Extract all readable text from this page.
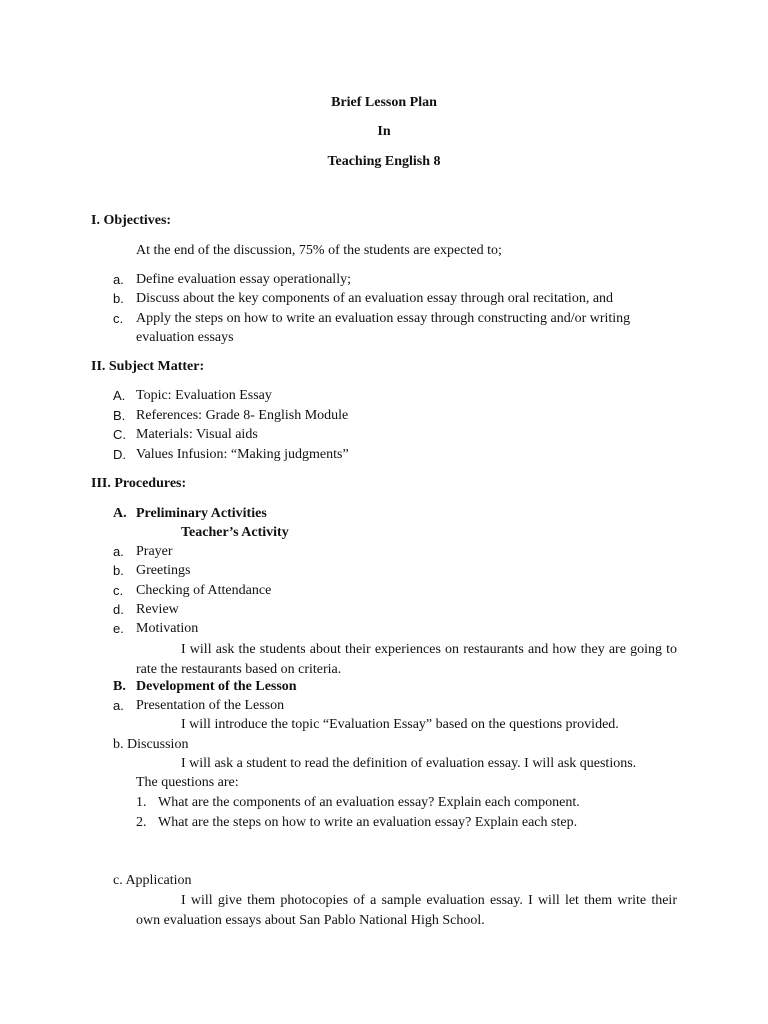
Brief Lesson Plan
In
Teaching English 8
I. Objectives:
At the end of the discussion, 75% of the students are expected to;
a. Define evaluation essay operationally;
b. Discuss about the key components of an evaluation essay through oral recitation, and
c. Apply the steps on how to write an evaluation essay through constructing and/or writing
evaluation essays
II. Subject Matter:
A. Topic: Evaluation Essay
B. References: Grade 8- English Module
C. Materials: Visual aids
D. Values Infusion: “Making judgments”
III. Procedures:
A. Preliminary Activities
Teacher’s Activity
a. Prayer
b. Greetings
c. Checking of Attendance
d. Review
e. Motivation
I will ask the students about their experiences on restaurants and how they are going to rate the restaurants based on criteria.
B. Development of the Lesson
a. Presentation of the Lesson
I will introduce the topic “Evaluation Essay” based on the questions provided.
b. Discussion
I will ask a student to read the definition of evaluation essay. I will ask questions.
The questions are:
1. What are the components of an evaluation essay? Explain each component.
2. What are the steps on how to write an evaluation essay? Explain each step.
c. Application
I will give them photocopies of a sample evaluation essay. I will let them write their own evaluation essays about San Pablo National High School.
